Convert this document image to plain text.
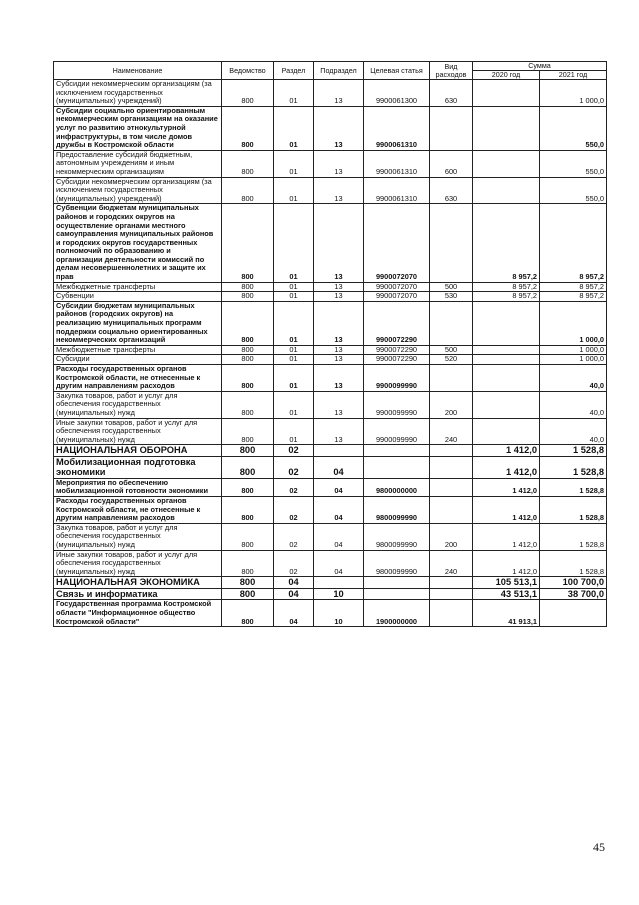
Наименование	Ведомство	Раздел	Подраздел	Целевая статья	Вид расходов	Сумма	
						2020 год	2021 год
Субсидии некоммерческим организациям (за исключением государственных (муниципальных) учреждений)	800	01	13	9900061300	630		1 000,0
Субсидии социально ориентированным некоммерческим организациям на оказание услуг по развитию этнокультурной инфраструктуры, в том числе домов дружбы в Костромской области	800	01	13	9900061310			550,0
Предоставление субсидий бюджетным, автономным учреждениям и иным некоммерческим организациям	800	01	13	9900061310	600		550,0
Субсидии некоммерческим организациям (за исключением государственных (муниципальных) учреждений)	800	01	13	9900061310	630		550,0
Субвенции бюджетам муниципальных районов и городских округов на осуществление органами местного самоуправления муниципальных районов и городских округов государственных полномочий по образованию и организации деятельности комиссий по делам несовершеннолетних и защите их прав	800	01	13	9900072070		8 957,2	8 957,2
Межбюджетные трансферты	800	01	13	9900072070	500	8 957,2	8 957,2
Субвенции	800	01	13	9900072070	530	8 957,2	8 957,2
Субсидии бюджетам муниципальных районов (городских округов) на реализацию муниципальных программ поддержки социально ориентированных некоммерческих организаций	800	01	13	9900072290			1 000,0
Межбюджетные трансферты	800	01	13	9900072290	500		1 000,0
Субсидии	800	01	13	9900072290	520		1 000,0
Расходы государственных органов Костромской области, не отнесенные к другим направлениям расходов	800	01	13	9900099990			40,0
Закупка товаров, работ и услуг для обеспечения государственных (муниципальных) нужд	800	01	13	9900099990	200		40,0
Иные закупки товаров, работ и услуг для обеспечения государственных (муниципальных) нужд	800	01	13	9900099990	240		40,0
НАЦИОНАЛЬНАЯ ОБОРОНА	800	02				1 412,0	1 528,8
Мобилизационная подготовка экономики	800	02	04			1 412,0	1 528,8
Мероприятия по обеспечению мобилизационной готовности экономики	800	02	04	9800000000		1 412,0	1 528,8
Расходы государственных органов Костромской области, не отнесенные к другим направлениям расходов	800	02	04	9800099990		1 412,0	1 528,8
Закупка товаров, работ и услуг для обеспечения государственных (муниципальных) нужд	800	02	04	9800099990	200	1 412,0	1 528,8
Иные закупки товаров, работ и услуг для обеспечения государственных (муниципальных) нужд	800	02	04	9800099990	240	1 412,0	1 528,8
НАЦИОНАЛЬНАЯ ЭКОНОМИКА	800	04				105 513,1	100 700,0
Связь и информатика	800	04	10			43 513,1	38 700,0
Государственная программа Костромской области "Информационное общество Костромской области"	800	04	10	1900000000		41 913,1	
45
